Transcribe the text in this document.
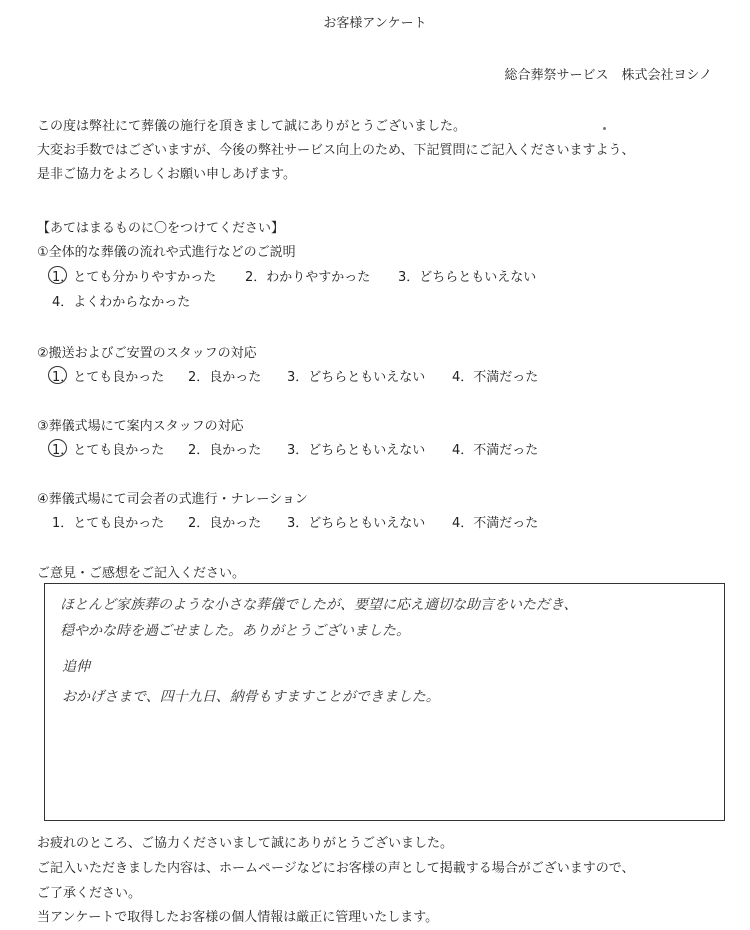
お客様アンケート
総合葬祭サービス　株式会社ヨシノ
この度は弊社にて葬儀の施行を頂きまして誠にありがとうございました。
大変お手数ではございますが、今後の弊社サービス向上のため、下記質問にご記入くださいますよう、
是非ご協力をよろしくお願い申しあげます。
【あてはまるものに〇をつけてください】
①全体的な葬儀の流れや式進行などのご説明
1．とても分かりやすかった 2．わかりやすかった 3．どちらともいえない
4．よくわからなかった
②搬送およびご安置のスタッフの対応
1．とても良かった 2．良かった 3．どちらともいえない 4．不満だった
③葬儀式場にて案内スタッフの対応
1．とても良かった 2．良かった 3．どちらともいえない 4．不満だった
④葬儀式場にて司会者の式進行・ナレーション
1．とても良かった 2．良かった 3．どちらともいえない 4．不満だった
ご意見・ご感想をご記入ください。
ほとんど家族葬のような小さな葬儀でしたが、要望に応え適切な助言をいただき、
穏やかな時を過ごせました。ありがとうございました。
追伸
おかげさまで、四十九日、納骨もすますことができました。
お疲れのところ、ご協力くださいまして誠にありがとうございました。
ご記入いただきました内容は、ホームページなどにお客様の声として掲載する場合がございますので、
ご了承ください。
当アンケートで取得したお客様の個人情報は厳正に管理いたします。
